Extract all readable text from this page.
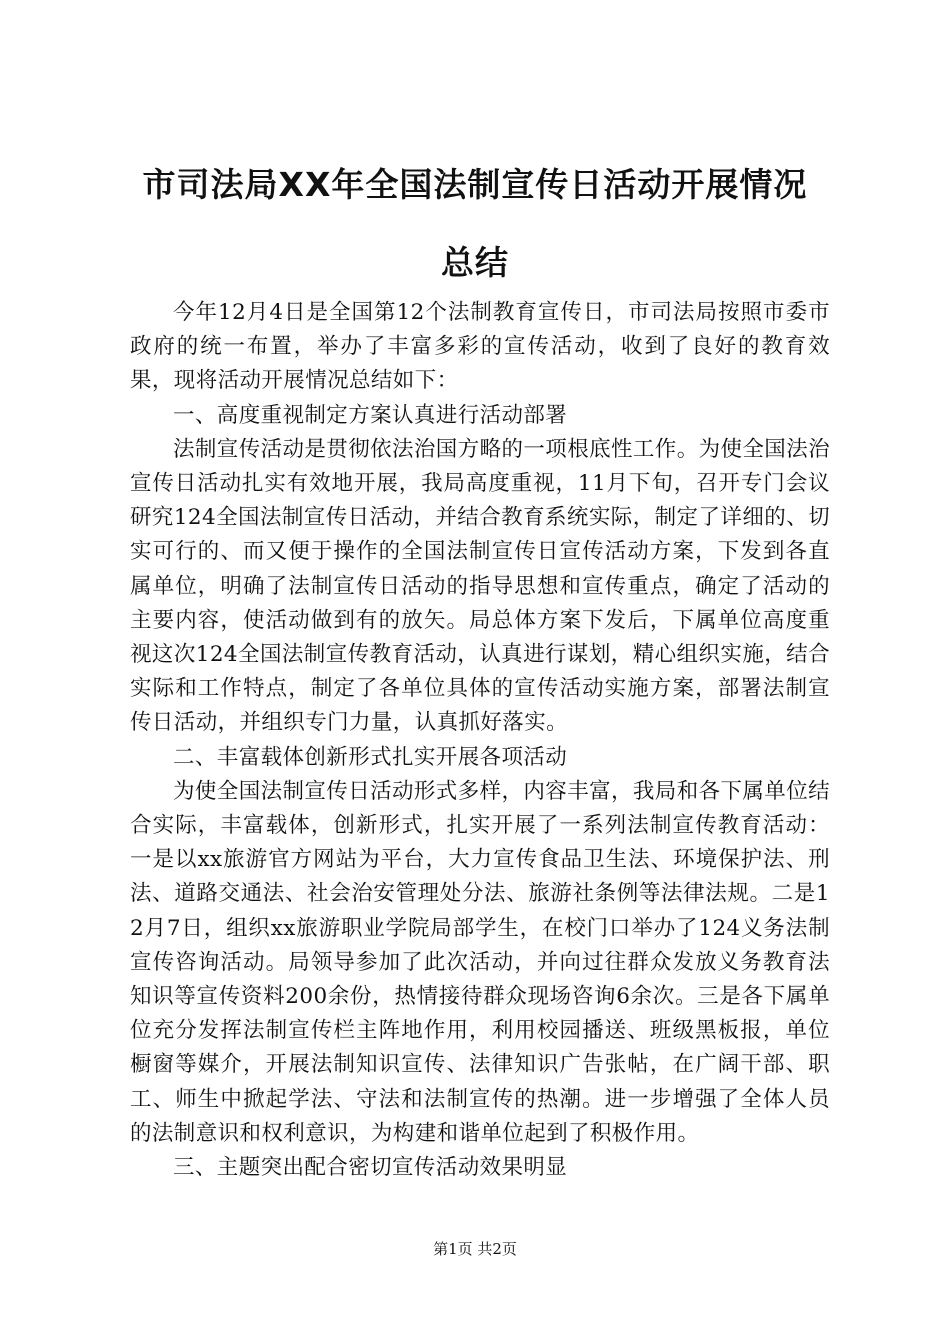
市司法局XX年全国法制宣传日活动开展情况
总结

今年12月4日是全国第12个法制教育宣传日，市司法局按照市委市政府的统一布置，举办了丰富多彩的宣传活动，收到了良好的教育效果，现将活动开展情况总结如下：

一、高度重视制定方案认真进行活动部署

法制宣传活动是贯彻依法治国方略的一项根底性工作。为使全国法治宣传日活动扎实有效地开展，我局高度重视，11月下旬，召开专门会议研究124全国法制宣传日活动，并结合教育系统实际，制定了详细的、切实可行的、而又便于操作的全国法制宣传日宣传活动方案，下发到各直属单位，明确了法制宣传日活动的指导思想和宣传重点，确定了活动的主要内容，使活动做到有的放矢。局总体方案下发后，下属单位高度重视这次124全国法制宣传教育活动，认真进行谋划，精心组织实施，结合实际和工作特点，制定了各单位具体的宣传活动实施方案，部署法制宣传日活动，并组织专门力量，认真抓好落实。

二、丰富载体创新形式扎实开展各项活动

为使全国法制宣传日活动形式多样，内容丰富，我局和各下属单位结合实际，丰富载体，创新形式，扎实开展了一系列法制宣传教育活动：一是以xx旅游官方网站为平台，大力宣传食品卫生法、环境保护法、刑法、道路交通法、社会治安管理处分法、旅游社条例等法律法规。二是12月7日，组织xx旅游职业学院局部学生，在校门口举办了124义务法制宣传咨询活动。局领导参加了此次活动，并向过往群众发放义务教育法知识等宣传资料200余份，热情接待群众现场咨询6余次。三是各下属单位充分发挥法制宣传栏主阵地作用，利用校园播送、班级黑板报，单位橱窗等媒介，开展法制知识宣传、法律知识广告张帖，在广阔干部、职工、师生中掀起学法、守法和法制宣传的热潮。进一步增强了全体人员的法制意识和权利意识，为构建和谐单位起到了积极作用。

三、主题突出配合密切宣传活动效果明显

第1页 共2页
